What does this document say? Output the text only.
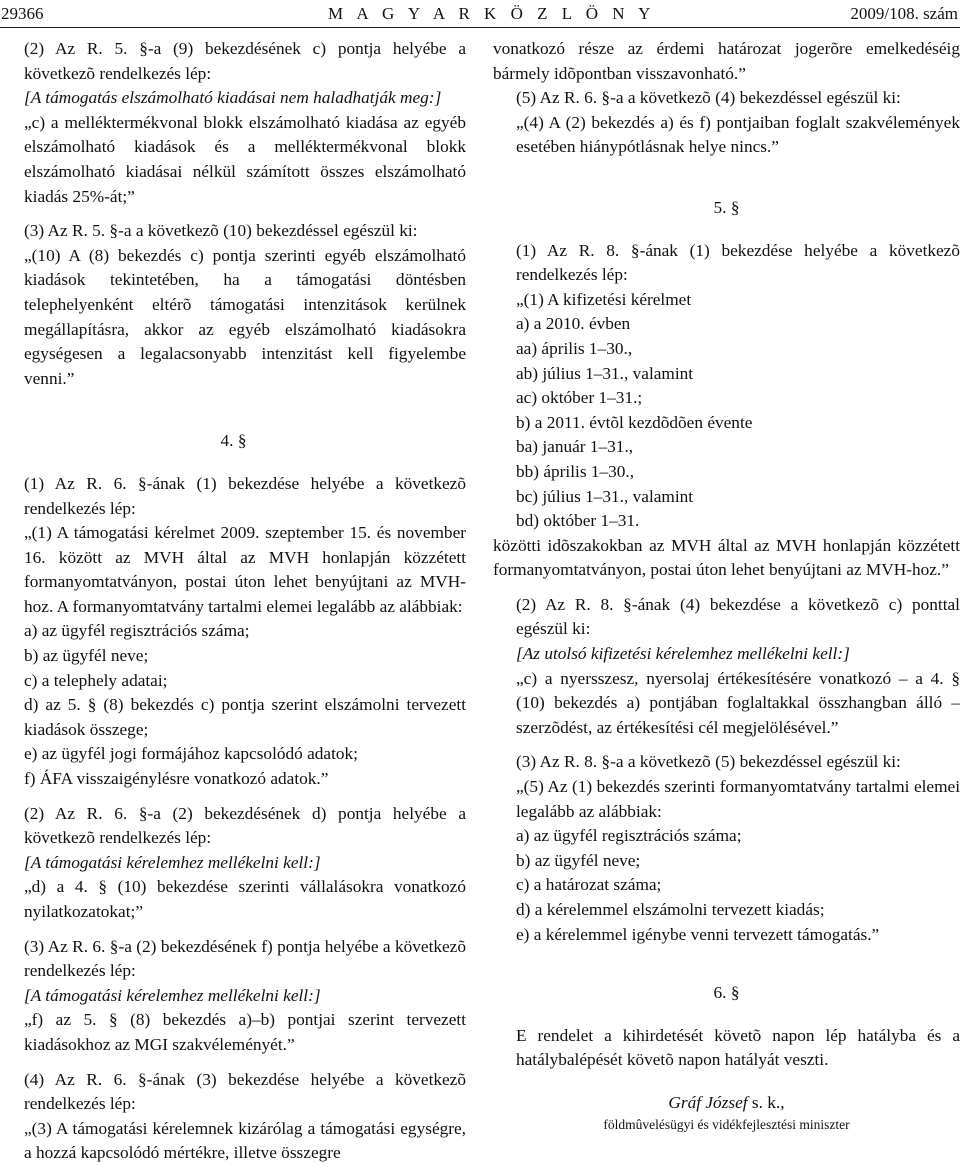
29366	M A G Y A R K Ö Z L Ö N Y	2009/108. szám

(2) Az R. 5. §-a (9) bekezdésének c) pontja helyébe a következõ rendelkezés lép:

[A támogatás elszámolható kiadásai nem haladhatják meg:]

„c) a melléktermékvonal blokk elszámolható kiadása az egyéb elszámolható kiadások és a melléktermékvonal blokk elszámolható kiadásai nélkül számított összes elszámolható kiadás 25%-át;”

(3) Az R. 5. §-a a következõ (10) bekezdéssel egészül ki:

„(10) A (8) bekezdés c) pontja szerinti egyéb elszámolható kiadások tekintetében, ha a támogatási döntésben telephelyenként eltérõ támogatási intenzitások kerülnek megállapításra, akkor az egyéb elszámolható kiadásokra egységesen a legalacsonyabb intenzitást kell figyelembe venni.”

4. §

(1) Az R. 6. §-ának (1) bekezdése helyébe a következõ rendelkezés lép:

„(1) A támogatási kérelmet 2009. szeptember 15. és november 16. között az MVH által az MVH honlapján közzétett formanyomtatványon, postai úton lehet benyújtani az MVH-hoz. A formanyomtatvány tartalmi elemei legalább az alábbiak:

a) az ügyfél regisztrációs száma;

b) az ügyfél neve;

c) a telephely adatai;

d) az 5. § (8) bekezdés c) pontja szerint elszámolni tervezett kiadások összege;

e) az ügyfél jogi formájához kapcsolódó adatok;

f) ÁFA visszaigénylésre vonatkozó adatok.”

(2) Az R. 6. §-a (2) bekezdésének d) pontja helyébe a következõ rendelkezés lép:

[A támogatási kérelemhez mellékelni kell:]

„d) a 4. § (10) bekezdése szerinti vállalásokra vonatkozó nyilatkozatokat;”

(3) Az R. 6. §-a (2) bekezdésének f) pontja helyébe a következõ rendelkezés lép:

[A támogatási kérelemhez mellékelni kell:]

„f) az 5. § (8) bekezdés a)–b) pontjai szerint tervezett kiadásokhoz az MGI szakvéleményét.”

(4) Az R. 6. §-ának (3) bekezdése helyébe a következõ rendelkezés lép:

„(3) A támogatási kérelemnek kizárólag a támogatási egységre, a hozzá kapcsolódó mértékre, illetve összegre

vonatkozó része az érdemi határozat jogerõre emelkedéséig bármely idõpontban visszavonható.”

(5) Az R. 6. §-a a következõ (4) bekezdéssel egészül ki:

„(4) A (2) bekezdés a) és f) pontjaiban foglalt szakvélemények esetében hiánypótlásnak helye nincs.”

5. §

(1) Az R. 8. §-ának (1) bekezdése helyébe a következõ rendelkezés lép:

„(1) A kifizetési kérelmet

a) a 2010. évben

aa) április 1–30.,

ab) július 1–31., valamint

ac) október 1–31.;

b) a 2011. évtõl kezdõdõen évente

ba) január 1–31.,

bb) április 1–30.,

bc) július 1–31., valamint

bd) október 1–31.

közötti idõszakokban az MVH által az MVH honlapján közzétett formanyomtatványon, postai úton lehet benyújtani az MVH-hoz.”

(2) Az R. 8. §-ának (4) bekezdése a következõ c) ponttal egészül ki:

[Az utolsó kifizetési kérelemhez mellékelni kell:]

„c) a nyersszesz, nyersolaj értékesítésére vonatkozó – a 4. § (10) bekezdés a) pontjában foglaltakkal összhangban álló – szerzõdést, az értékesítési cél megjelölésével.”

(3) Az R. 8. §-a a következõ (5) bekezdéssel egészül ki:

„(5) Az (1) bekezdés szerinti formanyomtatvány tartalmi elemei legalább az alábbiak:

a) az ügyfél regisztrációs száma;

b) az ügyfél neve;

c) a határozat száma;

d) a kérelemmel elszámolni tervezett kiadás;

e) a kérelemmel igénybe venni tervezett támogatás.”

6. §

E rendelet a kihirdetését követõ napon lép hatályba és a hatálybalépését követõ napon hatályát veszti.

Gráf József s. k.,

földmûvelésügyi és vidékfejlesztési miniszter
